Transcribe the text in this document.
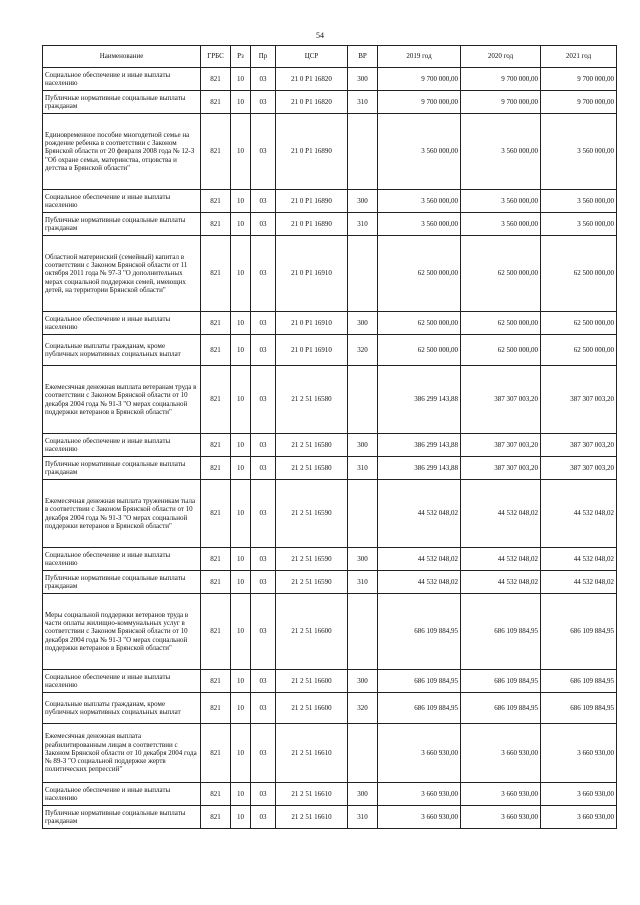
54
Наименование	ГРБС	Рз	Пр	ЦСР	ВР	2019 год	2020 год	2021 год
Социальное обеспечение и иные выплаты населению	821	10	03	21 0 P1 16820	300	9 700 000,00	9 700 000,00	9 700 000,00
Публичные нормативные социальные выплаты гражданам	821	10	03	21 0 P1 16820	310	9 700 000,00	9 700 000,00	9 700 000,00
Единовременное пособие многодетной семье на рождение ребенка в соответствии с Законом Брянской области от 20 февраля 2008 года № 12-З "Об охране семьи, материнства, отцовства и детства в Брянской области"	821	10	03	21 0 P1 16890		3 560 000,00	3 560 000,00	3 560 000,00
Социальное обеспечение и иные выплаты населению	821	10	03	21 0 P1 16890	300	3 560 000,00	3 560 000,00	3 560 000,00
Публичные нормативные социальные выплаты гражданам	821	10	03	21 0 P1 16890	310	3 560 000,00	3 560 000,00	3 560 000,00
Областной материнский (семейный) капитал в соответствии с Законом Брянской области от 11 октября 2011 года № 97-З "О дополнительных мерах социальной поддержки семей, имеющих детей, на территории Брянской области"	821	10	03	21 0 P1 16910		62 500 000,00	62 500 000,00	62 500 000,00
Социальное обеспечение и иные выплаты населению	821	10	03	21 0 P1 16910	300	62 500 000,00	62 500 000,00	62 500 000,00
Социальные выплаты гражданам, кроме публичных нормативных социальных выплат	821	10	03	21 0 P1 16910	320	62 500 000,00	62 500 000,00	62 500 000,00
Ежемесячная денежная выплата ветеранам труда в соответствии с Законом Брянской области от 10 декабря 2004 года № 91-З "О мерах социальной поддержки ветеранов в Брянской области"	821	10	03	21 2 51 16580		386 299 143,88	387 307 003,20	387 307 003,20
Социальное обеспечение и иные выплаты населению	821	10	03	21 2 51 16580	300	386 299 143,88	387 307 003,20	387 307 003,20
Публичные нормативные социальные выплаты гражданам	821	10	03	21 2 51 16580	310	386 299 143,88	387 307 003,20	387 307 003,20
Ежемесячная денежная выплата труженикам тыла в соответствии с Законом Брянской области от 10 декабря 2004 года № 91-З "О мерах социальной поддержки ветеранов в Брянской области"	821	10	03	21 2 51 16590		44 532 048,02	44 532 048,02	44 532 048,02
Социальное обеспечение и иные выплаты населению	821	10	03	21 2 51 16590	300	44 532 048,02	44 532 048,02	44 532 048,02
Публичные нормативные социальные выплаты гражданам	821	10	03	21 2 51 16590	310	44 532 048,02	44 532 048,02	44 532 048,02
Меры социальной поддержки ветеранов труда в части оплаты жилищно-коммунальных услуг в соответствии с Законом Брянской области от 10 декабря 2004 года № 91-З "О мерах социальной поддержки ветеранов в Брянской области"	821	10	03	21 2 51 16600		686 109 884,95	686 109 884,95	686 109 884,95
Социальное обеспечение и иные выплаты населению	821	10	03	21 2 51 16600	300	686 109 884,95	686 109 884,95	686 109 884,95
Социальные выплаты гражданам, кроме публичных нормативных социальных выплат	821	10	03	21 2 51 16600	320	686 109 884,95	686 109 884,95	686 109 884,95
Ежемесячная денежная выплата реабилитированным лицам в соответствии с Законом Брянской области от 10 декабря 2004 года № 89-З "О социальной поддержке жертв политических репрессий"	821	10	03	21 2 51 16610		3 660 930,00	3 660 930,00	3 660 930,00
Социальное обеспечение и иные выплаты населению	821	10	03	21 2 51 16610	300	3 660 930,00	3 660 930,00	3 660 930,00
Публичные нормативные социальные выплаты гражданам	821	10	03	21 2 51 16610	310	3 660 930,00	3 660 930,00	3 660 930,00
